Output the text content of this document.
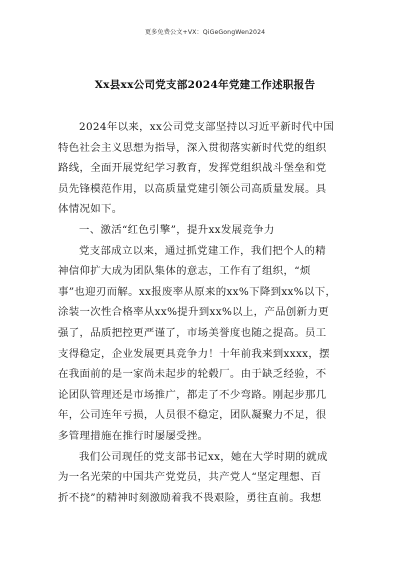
更多免费公文+VX：QiGeGongWen2024
Xx县xx公司党支部2024年党建工作述职报告
2024年以来，xx公司党支部坚持以习近平新时代中国
特色社会主义思想为指导，深入贯彻落实新时代党的组织
路线，全面开展党纪学习教育，发挥党组织战斗堡垒和党
员先锋模范作用，以高质量党建引领公司高质量发展。具
体情况如下。
一、激活“红色引擎”，提升xx发展竞争力
党支部成立以来，通过抓党建工作，我们把个人的精
神信仰扩大成为团队集体的意志，工作有了组织，“烦
事”也迎刃而解。xx报废率从原来的xx%下降到xx%以下，
涂装一次性合格率从xx%提升到xx%以上，产品创新力更
强了，品质把控更严谨了，市场美誉度也随之提高。员工
支得稳定，企业发展更具竞争力！十年前我来到xxxx，摆
在我面前的是一家尚未起步的轮毂厂。由于缺乏经验，不
论团队管理还是市场推广，都走了不少弯路。刚起步那几
年，公司连年亏损，人员很不稳定，团队凝聚力不足，很
多管理措施在推行时屡屡受挫。
我们公司现任的党支部书记xx，她在大学时期的就成
为一名光荣的中国共产党党员，共产党人“坚定理想、百
折不挠”的精神时刻激励着我不畏艰险，勇往直前。我想
